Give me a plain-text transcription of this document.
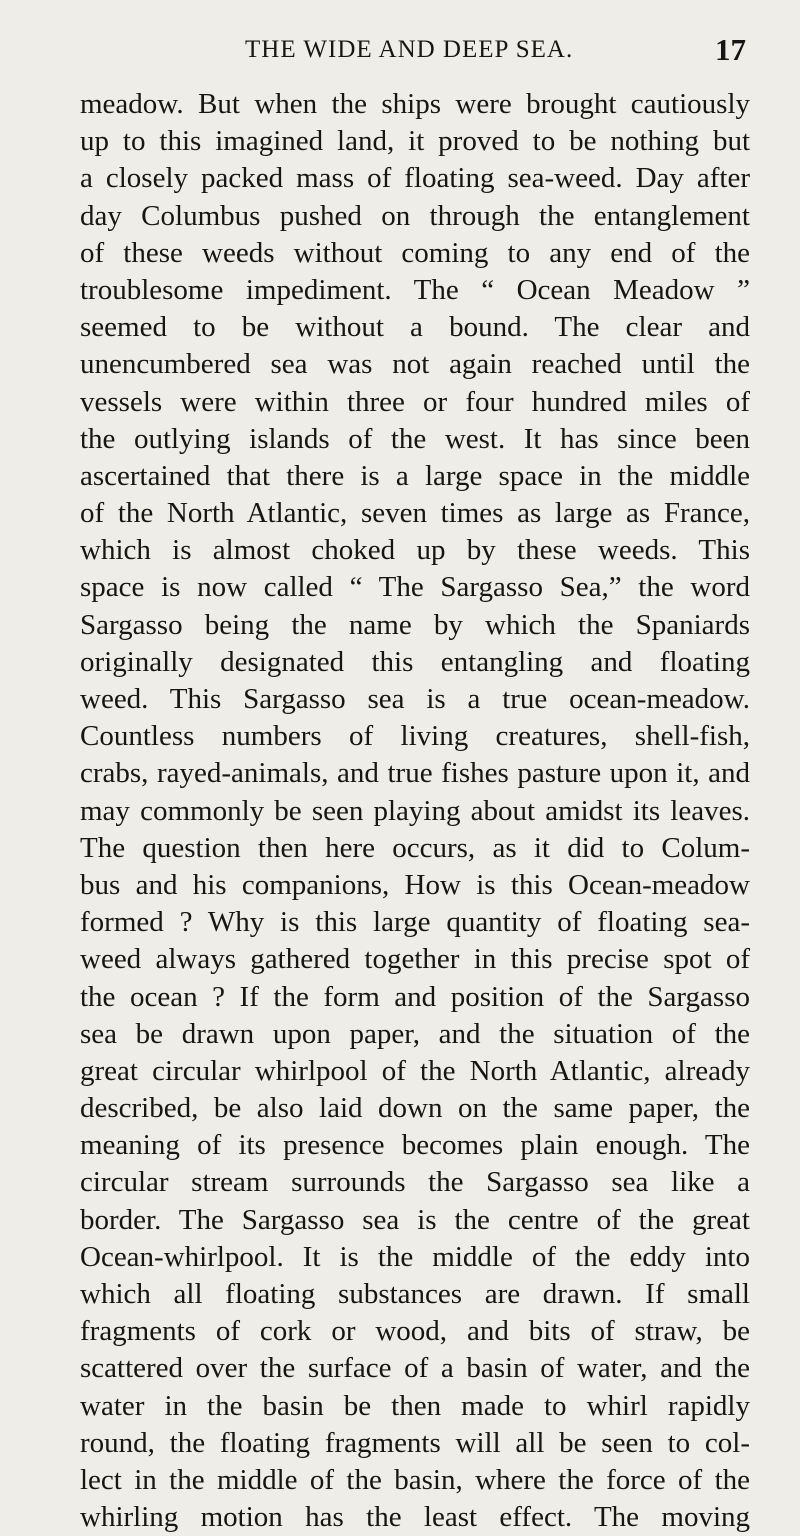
THE WIDE AND DEEP SEA.	17
meadow. But when the ships were brought cautiously
up to this imagined land, it proved to be nothing but
a closely packed mass of floating sea-weed. Day after
day Columbus pushed on through the entanglement
of these weeds without coming to any end of the
troublesome impediment. The “ Ocean Meadow ”
seemed to be without a bound. The clear and
unencumbered sea was not again reached until the
vessels were within three or four hundred miles of
the outlying islands of the west. It has since been
ascertained that there is a large space in the middle
of the North Atlantic, seven times as large as France,
which is almost choked up by these weeds. This
space is now called “ The Sargasso Sea,” the word
Sargasso being the name by which the Spaniards
originally designated this entangling and floating
weed. This Sargasso sea is a true ocean-meadow.
Countless numbers of living creatures, shell-fish,
crabs, rayed-animals, and true fishes pasture upon it, and
may commonly be seen playing about amidst its leaves.
The question then here occurs, as it did to Colum-
bus and his companions, How is this Ocean-meadow
formed ? Why is this large quantity of floating sea-
weed always gathered together in this precise spot of
the ocean ? If the form and position of the Sargasso
sea be drawn upon paper, and the situation of the
great circular whirlpool of the North Atlantic, already
described, be also laid down on the same paper, the
meaning of its presence becomes plain enough. The
circular stream surrounds the Sargasso sea like a
border. The Sargasso sea is the centre of the great
Ocean-whirlpool. It is the middle of the eddy into
which all floating substances are drawn. If small
fragments of cork or wood, and bits of straw, be
scattered over the surface of a basin of water, and the
water in the basin be then made to whirl rapidly
round, the floating fragments will all be seen to col-
lect in the middle of the basin, where the force of the
whirling motion has the least effect. The moving
